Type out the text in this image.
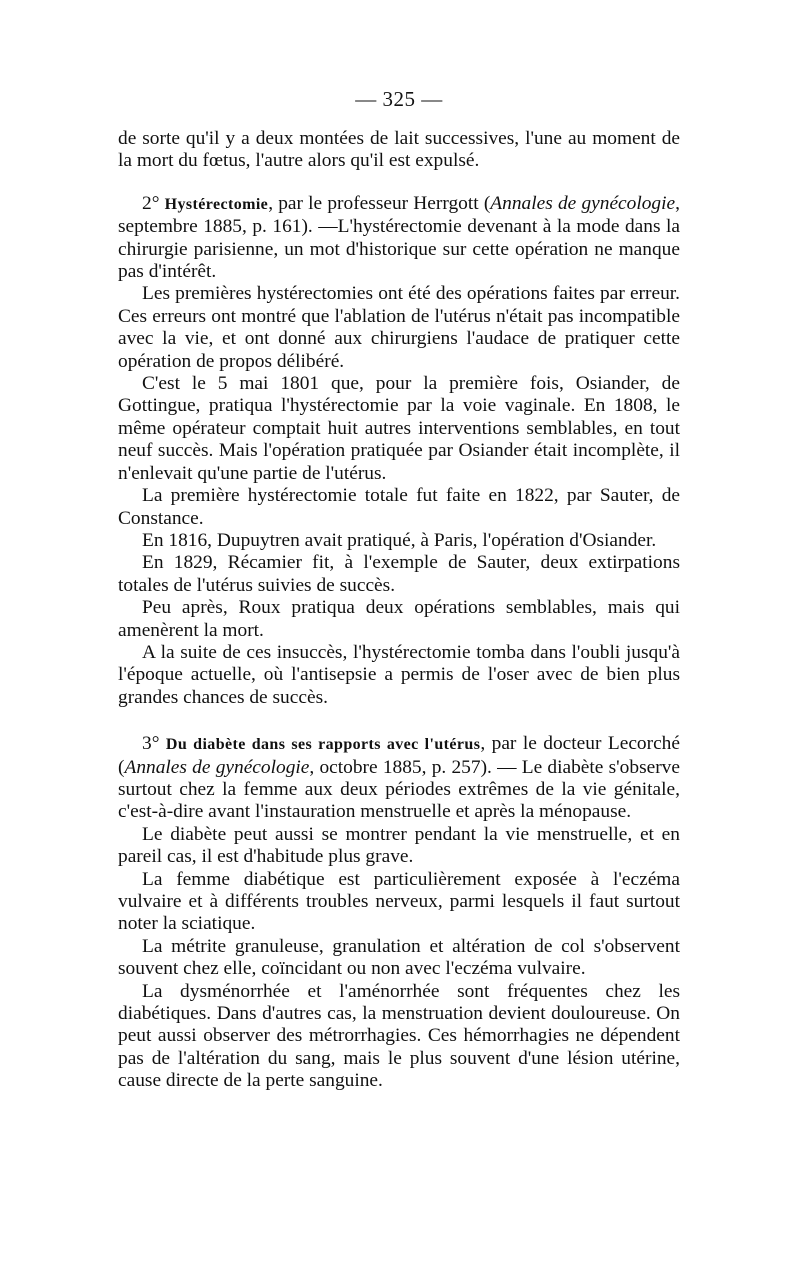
— 325 —

de sorte qu'il y a deux montées de lait successives, l'une au moment de la mort du fœtus, l'autre alors qu'il est expulsé.

2° Hystérectomie, par le professeur Herrgott (Annales de gynécologie, septembre 1885, p. 161). —L'hystérectomie devenant à la mode dans la chirurgie parisienne, un mot d'historique sur cette opération ne manque pas d'intérêt.

Les premières hystérectomies ont été des opérations faites par erreur. Ces erreurs ont montré que l'ablation de l'utérus n'était pas incompatible avec la vie, et ont donné aux chirurgiens l'audace de pratiquer cette opération de propos délibéré.

C'est le 5 mai 1801 que, pour la première fois, Osiander, de Gottingue, pratiqua l'hystérectomie par la voie vaginale. En 1808, le même opérateur comptait huit autres interventions semblables, en tout neuf succès. Mais l'opération pratiquée par Osiander était incomplète, il n'enlevait qu'une partie de l'utérus.

La première hystérectomie totale fut faite en 1822, par Sauter, de Constance.

En 1816, Dupuytren avait pratiqué, à Paris, l'opération d'Osiander.

En 1829, Récamier fit, à l'exemple de Sauter, deux extirpations totales de l'utérus suivies de succès.

Peu après, Roux pratiqua deux opérations semblables, mais qui amenèrent la mort.

A la suite de ces insuccès, l'hystérectomie tomba dans l'oubli jusqu'à l'époque actuelle, où l'antisepsie a permis de l'oser avec de bien plus grandes chances de succès.

3° Du diabète dans ses rapports avec l'utérus, par le docteur Lecorché (Annales de gynécologie, octobre 1885, p. 257). — Le diabète s'observe surtout chez la femme aux deux périodes extrêmes de la vie génitale, c'est-à-dire avant l'instauration menstruelle et après la ménopause.

Le diabète peut aussi se montrer pendant la vie menstruelle, et en pareil cas, il est d'habitude plus grave.

La femme diabétique est particulièrement exposée à l'eczéma vulvaire et à différents troubles nerveux, parmi lesquels il faut surtout noter la sciatique.

La métrite granuleuse, granulation et altération de col s'observent souvent chez elle, coïncidant ou non avec l'eczéma vulvaire.

La dysménorrhée et l'aménorrhée sont fréquentes chez les diabétiques. Dans d'autres cas, la menstruation devient douloureuse. On peut aussi observer des métrorrhagies. Ces hémorrhagies ne dépendent pas de l'altération du sang, mais le plus souvent d'une lésion utérine, cause directe de la perte sanguine.
